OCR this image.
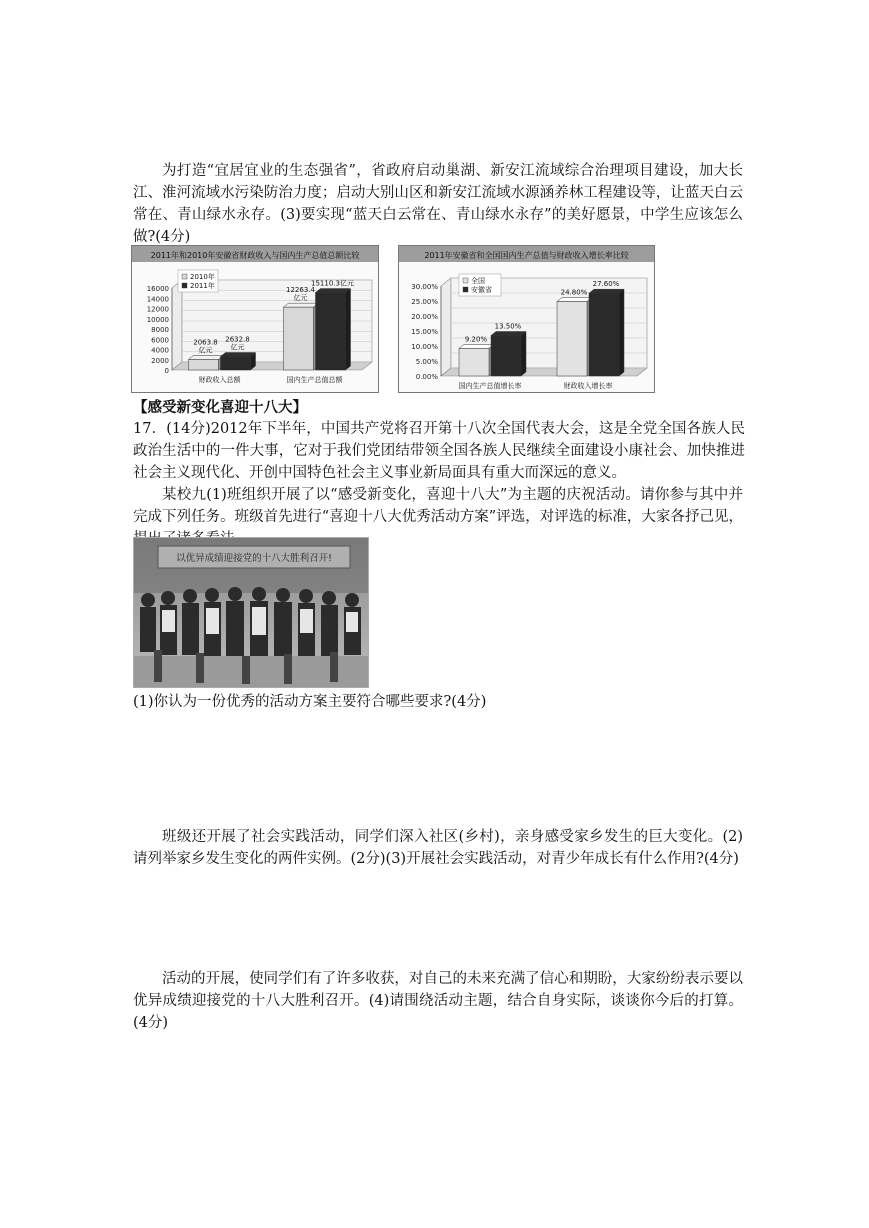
为打造“宜居宜业的生态强省”，省政府启动巢湖、新安江流域综合治理项目建设，加大长江、淮河流域水污染防治力度；启动大别山区和新安江流域水源涵养林工程建设等，让蓝天白云常在、青山绿水永存。(3)要实现“蓝天白云常在、青山绿水永存”的美好愿景，中学生应该怎么做?(4分)

2011年和2010年安徽省财政收入与国内生产总值总额比较
0
2000
4000
6000
8000
10000
12000
14000
16000
2063.8
亿元
2632.8
亿元
财政收入总额
12263.4
亿元
15110.3亿元
国内生产总值总额
2010年
2011年
2011年安徽省和全国国内生产总值与财政收入增长率比较
0.00%
5.00%
10.00%
15.00%
20.00%
25.00%
30.00%
9.20%
13.50%
国内生产总值增长率
24.80%
27.60%
财政收入增长率
全国
安徽省
【感受新变化喜迎十八大】

17．(14分)2012年下半年，中国共产党将召开第十八次全国代表大会，这是全党全国各族人民政治生活中的一件大事，它对于我们党团结带领全国各族人民继续全面建设小康社会、加快推进社会主义现代化、开创中国特色社会主义事业新局面具有重大而深远的意义。

某校九(1)班组织开展了以“感受新变化，喜迎十八大”为主题的庆祝活动。请你参与其中并完成下列任务。班级首先进行“喜迎十八大优秀活动方案”评选，对评选的标准，大家各抒己见，

以优异成绩迎接党的十八大胜利召开!

(1)你认为一份优秀的活动方案主要符合哪些要求?(4分)

班级还开展了社会实践活动，同学们深入社区(乡村)，亲身感受家乡发生的巨大变化。(2)请列举家乡发生变化的两件实例。(2分)(3)开展社会实践活动，对青少年成长有什么作用?(4分)

活动的开展，使同学们有了许多收获，对自己的未来充满了信心和期盼，大家纷纷表示要以优异成绩迎接党的十八大胜利召开。(4)请围绕活动主题，结合自身实际，谈谈你今后的打算。(4分)
